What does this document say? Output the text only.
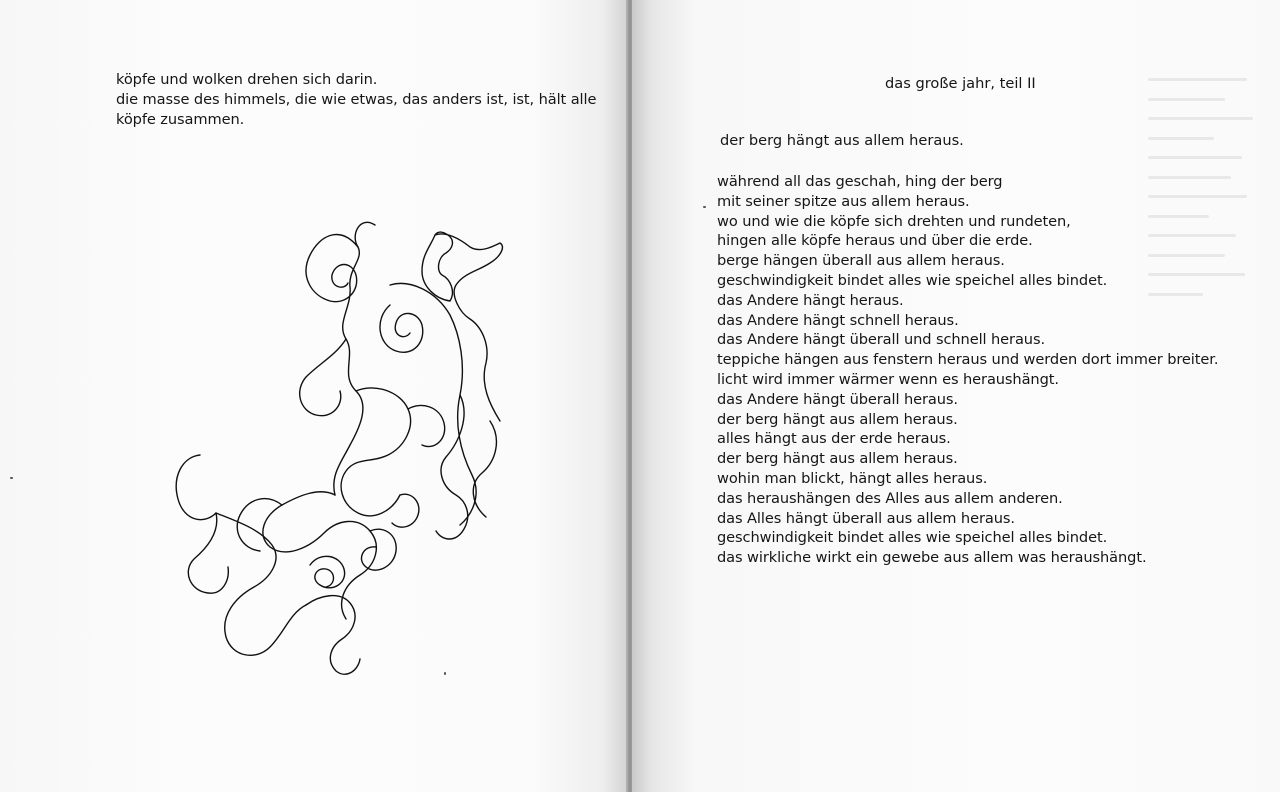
köpfe und wolken drehen sich darin.
die masse des himmels, die wie etwas, das anders ist, ist, hält alle
köpfe zusammen.
das große jahr, teil II
der berg hängt aus allem heraus.
während all das geschah, hing der berg
mit seiner spitze aus allem heraus.
wo und wie die köpfe sich drehten und rundeten,
hingen alle köpfe heraus und über die erde.
berge hängen überall aus allem heraus.
geschwindigkeit bindet alles wie speichel alles bindet.
das Andere hängt heraus.
das Andere hängt schnell heraus.
das Andere hängt überall und schnell heraus.
teppiche hängen aus fenstern heraus und werden dort immer breiter.
licht wird immer wärmer wenn es heraushängt.
das Andere hängt überall heraus.
der berg hängt aus allem heraus.
alles hängt aus der erde heraus.
der berg hängt aus allem heraus.
wohin man blickt, hängt alles heraus.
das heraushängen des Alles aus allem anderen.
das Alles hängt überall aus allem heraus.
geschwindigkeit bindet alles wie speichel alles bindet.
das wirkliche wirkt ein gewebe aus allem was heraushängt.
